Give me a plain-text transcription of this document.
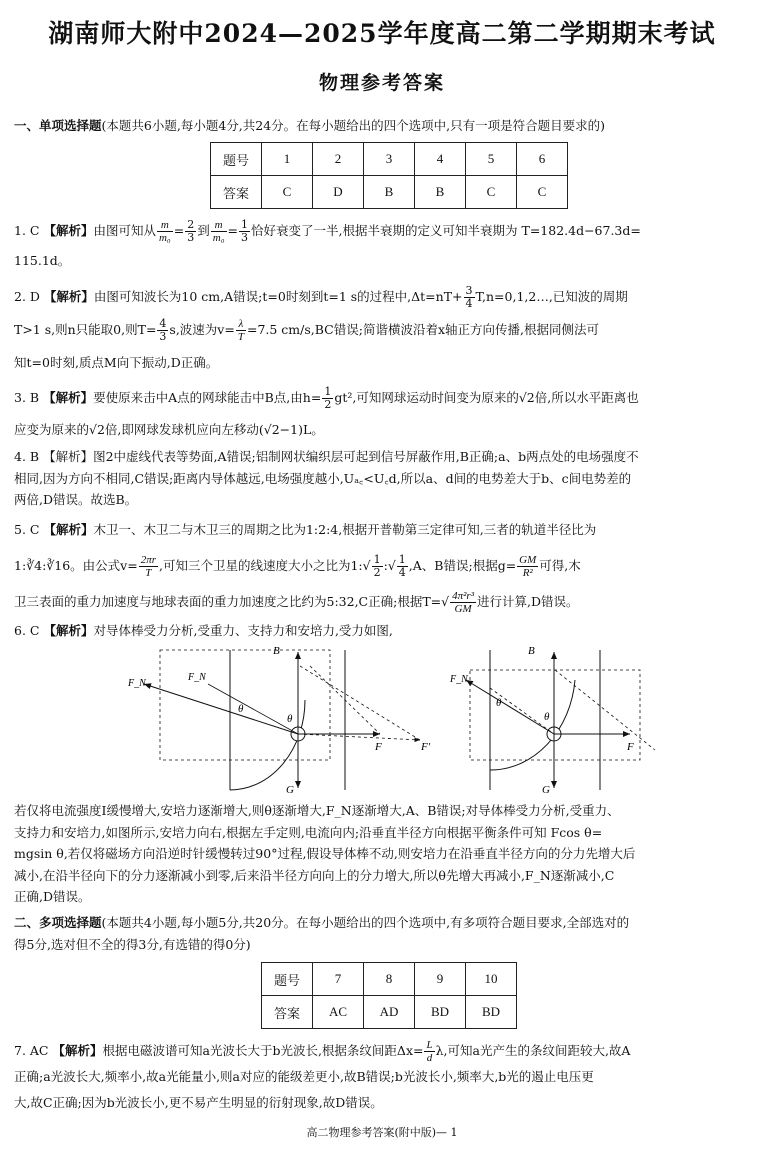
湖南师大附中2024—2025学年度高二第二学期期末考试
物理参考答案
一、单项选择题(本题共6小题,每小题4分,共24分。在每小题给出的四个选项中,只有一项是符合题目要求的)
题号	1	2	3	4	5	6
答案	C	D	B	B	C	C
1. C 【解析】由图可知从 $\frac{m}{\text{m₀}} = \frac{2}{3}$ 到 $\frac{m}{\text{m₀}} = \frac{1}{3}$ 恰好衰变了一半,根据半衰期的定义可知半衰期为 T=182.4d−67.3d=
115.1d。
2. D 【解析】由图可知波长为10 cm,A错误;t=0时刻到t=1 s的过程中$,\Delta t=nT+ \frac{3}{4}$ T,n=0,1,2…,已知波的周期
T>1 s,则n只能取0,则$T= \frac{4}{3} s$,波速为$v= \frac{\lambda}{T} =7.5$ cm/s,BC错误;简谐横波沿着x轴正方向传播,根据同侧法可
知t=0时刻,质点M向下振动,D正确。
3. B 【解析】要使原来击中A点的网球能击中B点,由$h= \frac{1}{2} gt^2$,可知网球运动时间变为原来的√2倍,所以水平距离也
应变为原来的√2倍,即网球发球机应向左移动(√2−1)L。
4. B 【解析】图2中虚线代表等势面,A错误;铝制网状编织层可起到信号屏蔽作用,B正确;a、b两点处的电场强度不
相同,因为方向不相同,C错误;距离内导体越远,电场强度越小,Uₐ꜀<U꜀d,所以a、d间的电势差大于b、c间电势差的
两倍,D错误。故选B。
5. C 【解析】木卫一、木卫二与木卫三的周期之比为1:2:4,根据开普勒第三定律可知,三者的轨道半径比为
1:∛4:∛16。由公式$v= \frac{2\pi r}{T}$ ,可知三个卫星的线速度大小之比为1:√ $\frac{1}{2}$ :√ $\frac{1}{4} ,A$、B错误;根据$g= \frac{GM}{\text{R²}}$ 可得,木
卫三表面的重力加速度与地球表面的重力加速度之比约为5:32,C正确;根据$T=√ \frac{\text{4π²r³}}{GM}$ 进行计算,D错误。
6. C 【解析】对导体棒受力分析,受重力、支持力和安培力,受力如图,
B
G
F	F′
F_N
F_N
θ
θ
B
G
F
F_N
θ
θ
若仅将电流强度I缓慢增大,安培力逐渐增大,则θ逐渐增大,F_N逐渐增大,A、B错误;对导体棒受力分析,受重力、
支持力和安培力,如图所示,安培力向右,根据左手定则,电流向内;沿垂直半径方向根据平衡条件可知 Fcos θ=
mgsin θ,若仅将磁场方向沿逆时针缓慢转过90°过程,假设导体棒不动,则安培力在沿垂直半径方向的分力先增大后
减小,在沿半径向下的分力逐渐减小到零,后来沿半径方向向上的分力增大,所以θ先增大再减小,F_N逐渐减小,C
正确,D错误。
二、多项选择题(本题共4小题,每小题5分,共20分。在每小题给出的四个选项中,有多项符合题目要求,全部选对的
得5分,选对但不全的得3分,有选错的得0分)
题号	7	8	9	10
答案	AC	AD	BD	BD
7. AC 【解析】根据电磁波谱可知a光波长大于b光波长,根据条纹间距$\Delta x= \frac{L}{d} \lambda$,可知a光产生的条纹间距较大,故A
正确;a光波长大,频率小,故a光能量小,则a对应的能级差更小,故B错误;b光波长小,频率大,b光的遏止电压更
大,故C正确;因为b光波长小,更不易产生明显的衍射现象,故D错误。
高二物理参考答案(附中版)— 1
